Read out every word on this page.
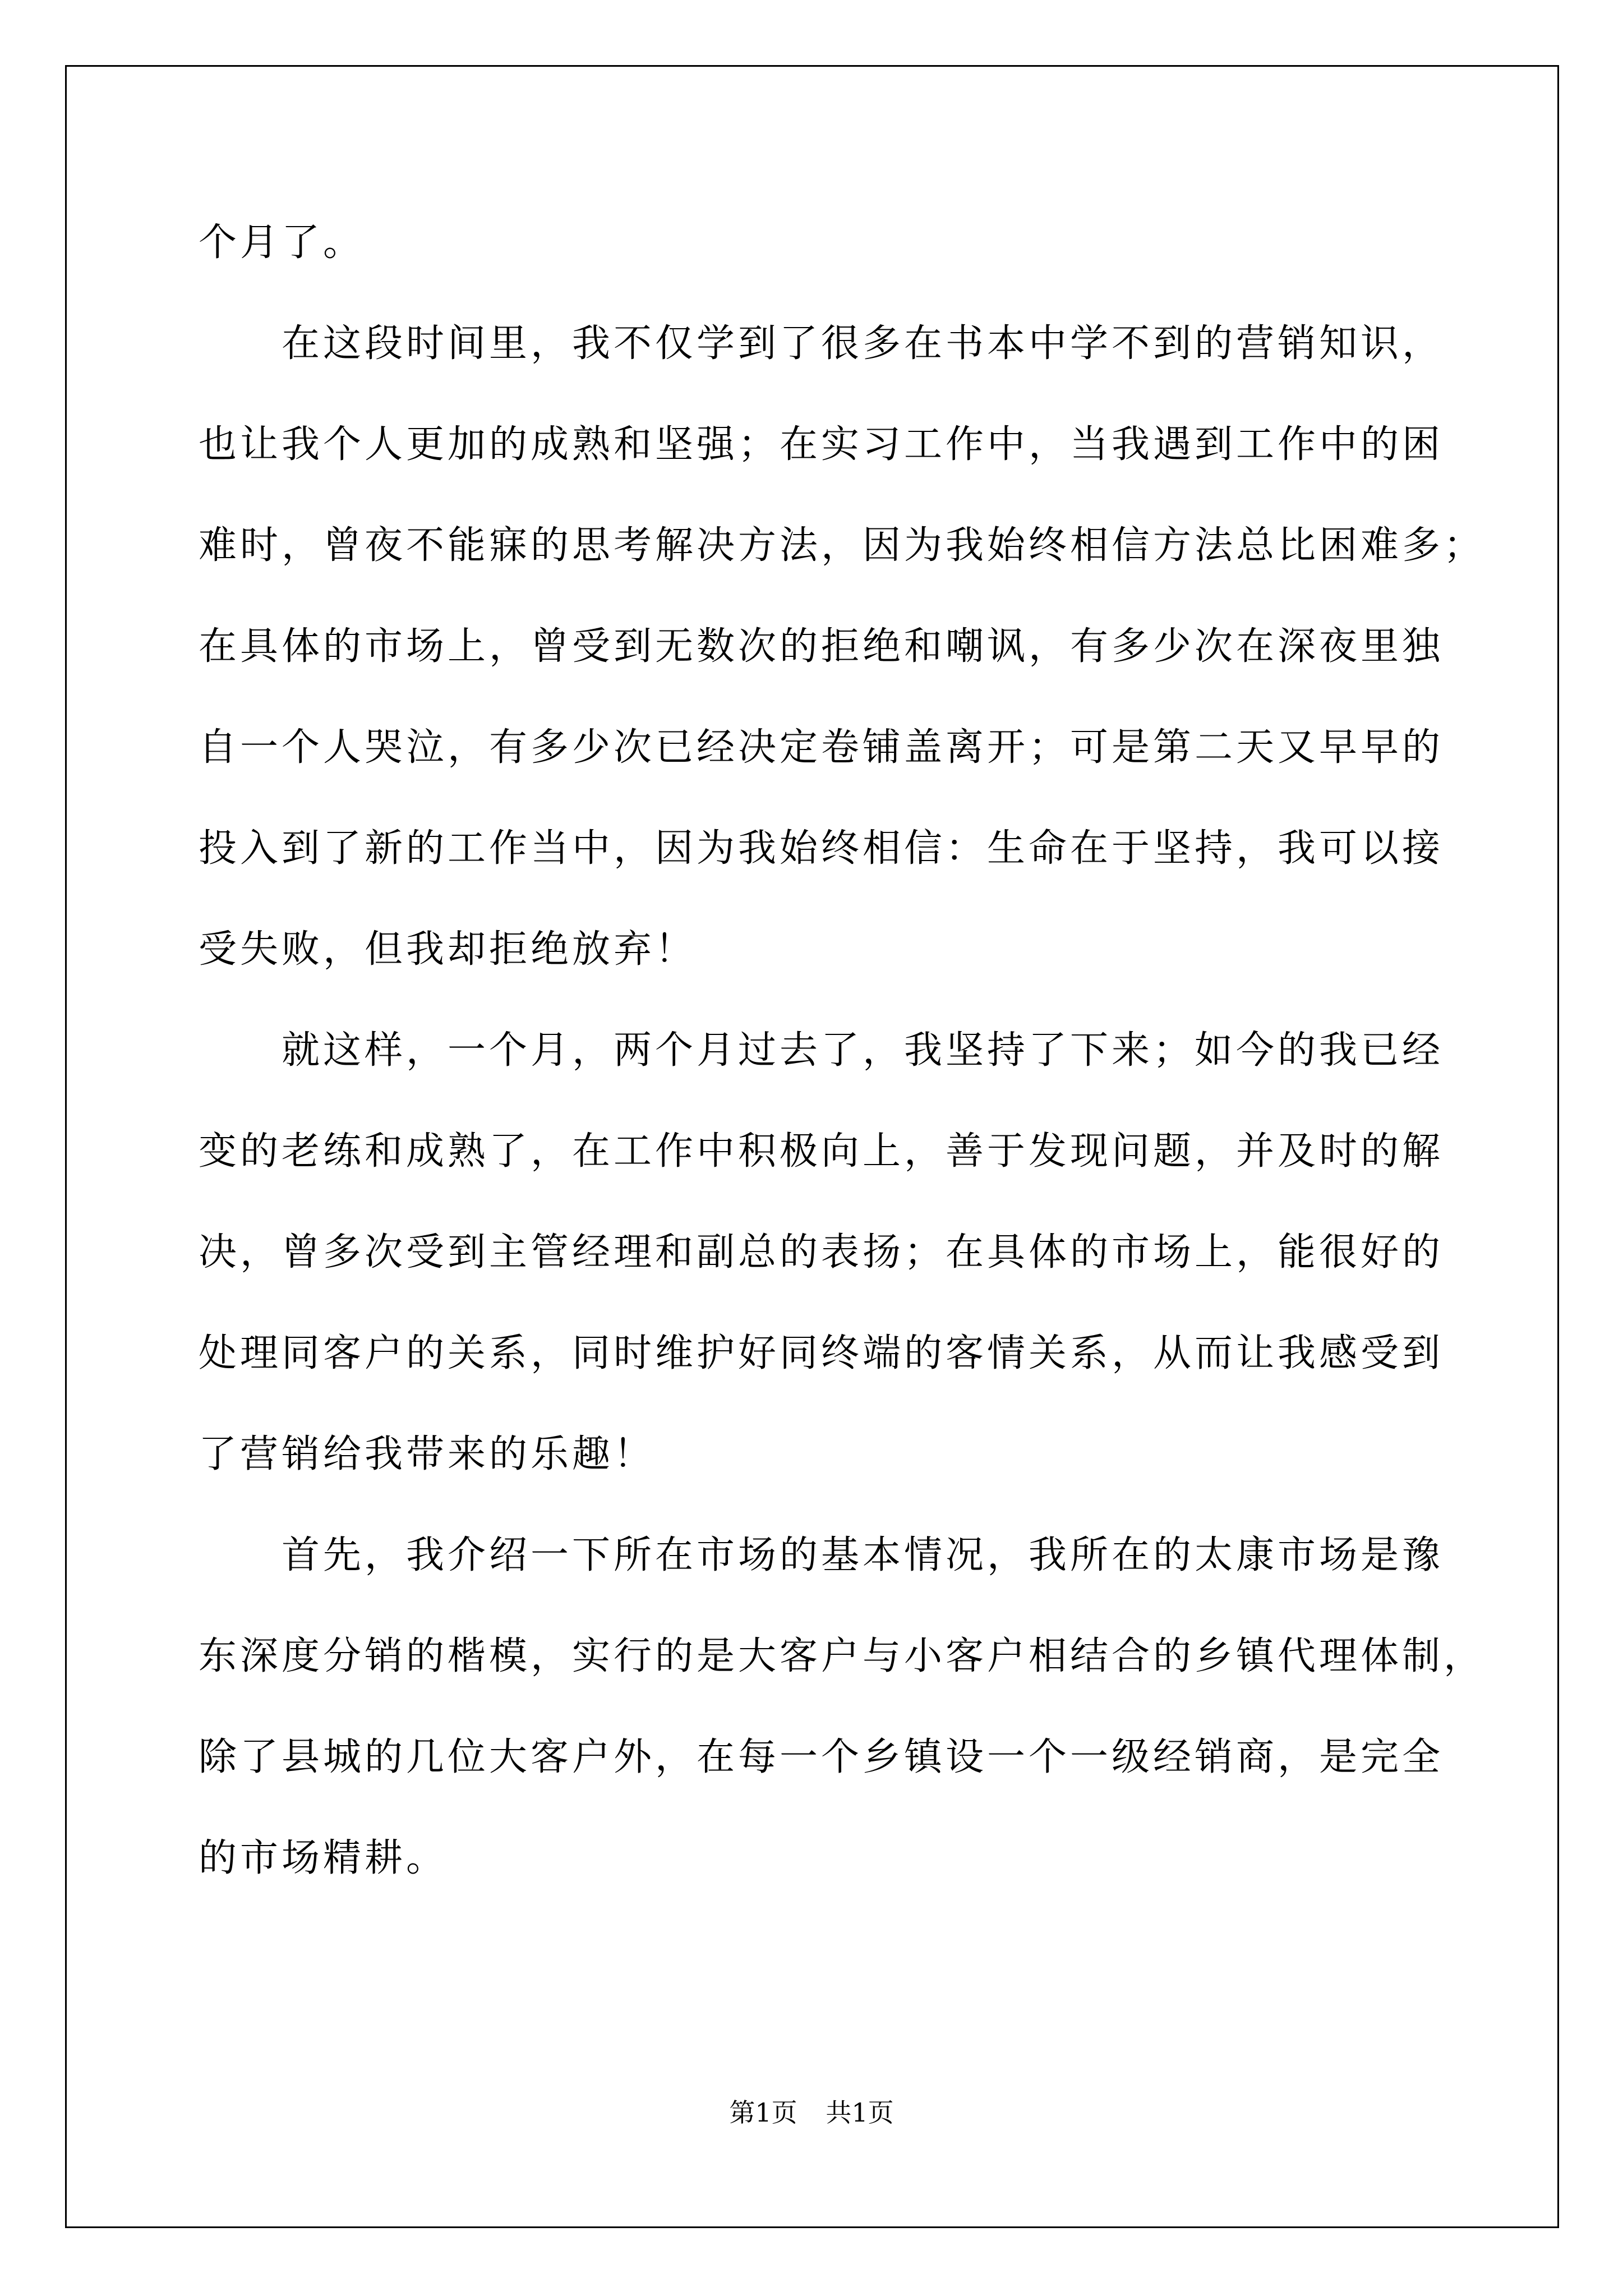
个月了。
在这段时间里，我不仅学到了很多在书本中学不到的营销知识，
也让我个人更加的成熟和坚强；在实习工作中，当我遇到工作中的困
难时，曾夜不能寐的思考解决方法，因为我始终相信方法总比困难多；
在具体的市场上，曾受到无数次的拒绝和嘲讽，有多少次在深夜里独
自一个人哭泣，有多少次已经决定卷铺盖离开；可是第二天又早早的
投入到了新的工作当中，因为我始终相信：生命在于坚持，我可以接
受失败，但我却拒绝放弃！
就这样，一个月，两个月过去了，我坚持了下来；如今的我已经
变的老练和成熟了，在工作中积极向上，善于发现问题，并及时的解
决，曾多次受到主管经理和副总的表扬；在具体的市场上，能很好的
处理同客户的关系，同时维护好同终端的客情关系，从而让我感受到
了营销给我带来的乐趣！
首先，我介绍一下所在市场的基本情况，我所在的太康市场是豫
东深度分销的楷模，实行的是大客户与小客户相结合的乡镇代理体制，
除了县城的几位大客户外，在每一个乡镇设一个一级经销商，是完全
的市场精耕。
第1页 共1页
